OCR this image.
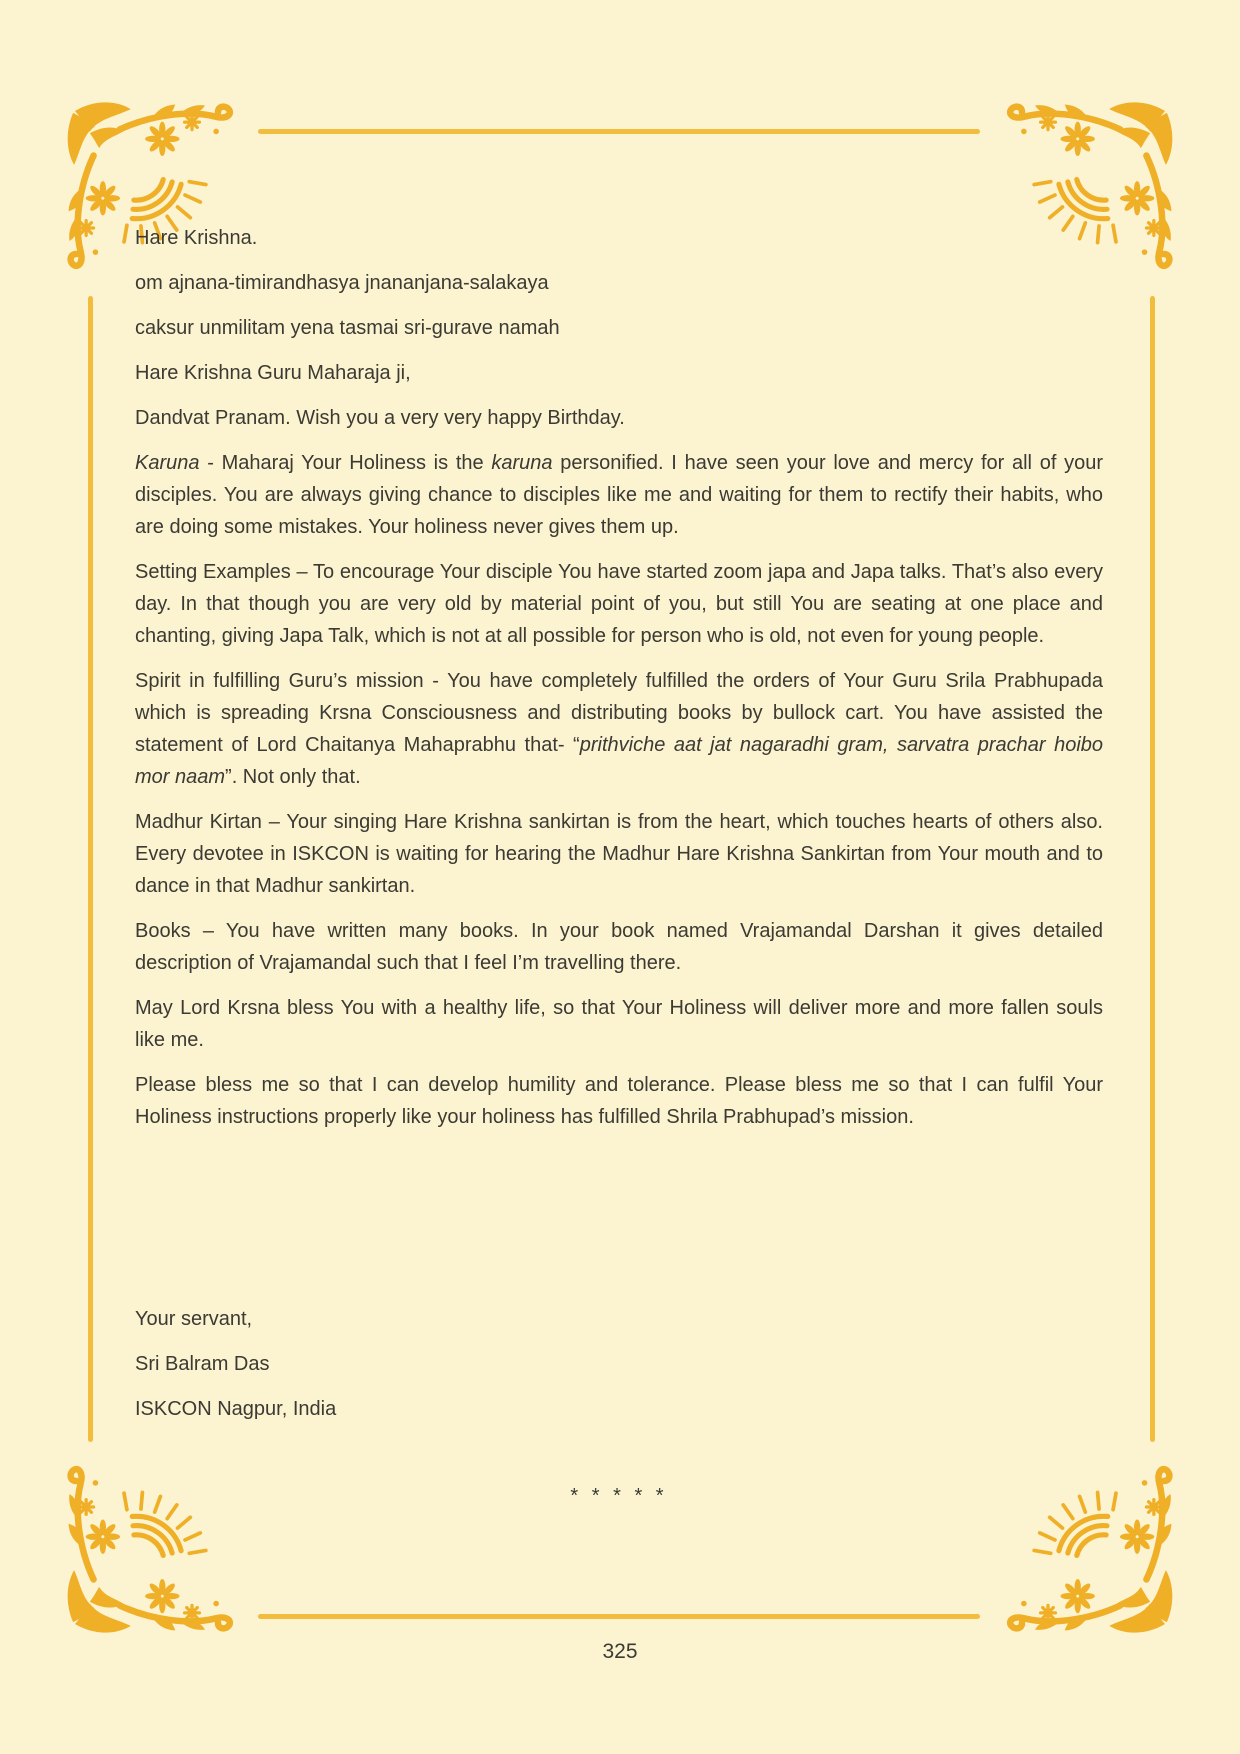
Hare Krishna.

om ajnana-timirandhasya jnananjana-salakaya

caksur unmilitam yena tasmai sri-gurave namah

Hare Krishna Guru Maharaja ji,

Dandvat Pranam. Wish you a very very happy Birthday.

Karuna - Maharaj Your Holiness is the karuna personified. I have seen your love and mercy for all of your disciples. You are always giving chance to disciples like me and waiting for them to rectify their habits, who are doing some mistakes. Your holiness never gives them up.

Setting Examples – To encourage Your disciple You have started zoom japa and Japa talks. That’s also every day. In that though you are very old by material point of you, but still You are seating at one place and chanting, giving Japa Talk, which is not at all possible for person who is old, not even for young people.

Spirit in fulfilling Guru’s mission - You have completely fulfilled the orders of Your Guru Srila Prabhupada which is spreading Krsna Consciousness and distributing books by bullock cart. You have assisted the statement of Lord Chaitanya Mahaprabhu that- “prithviche aat jat nagaradhi gram, sarvatra prachar hoibo mor naam”. Not only that.

Madhur Kirtan – Your singing Hare Krishna sankirtan is from the heart, which touches hearts of others also. Every devotee in ISKCON is waiting for hearing the Madhur Hare Krishna Sankirtan from Your mouth and to dance in that Madhur sankirtan.

Books – You have written many books. In your book named Vrajamandal Darshan it gives detailed description of Vrajamandal such that I feel I’m travelling there.

May Lord Krsna bless You with a healthy life, so that Your Holiness will deliver more and more fallen souls like me.

Please bless me so that I can develop humility and tolerance. Please bless me so that I can fulfil Your Holiness instructions properly like your holiness has fulfilled Shrila Prabhupad’s mission.

Your servant,

Sri Balram Das

ISKCON Nagpur, India

* * * * *
325
